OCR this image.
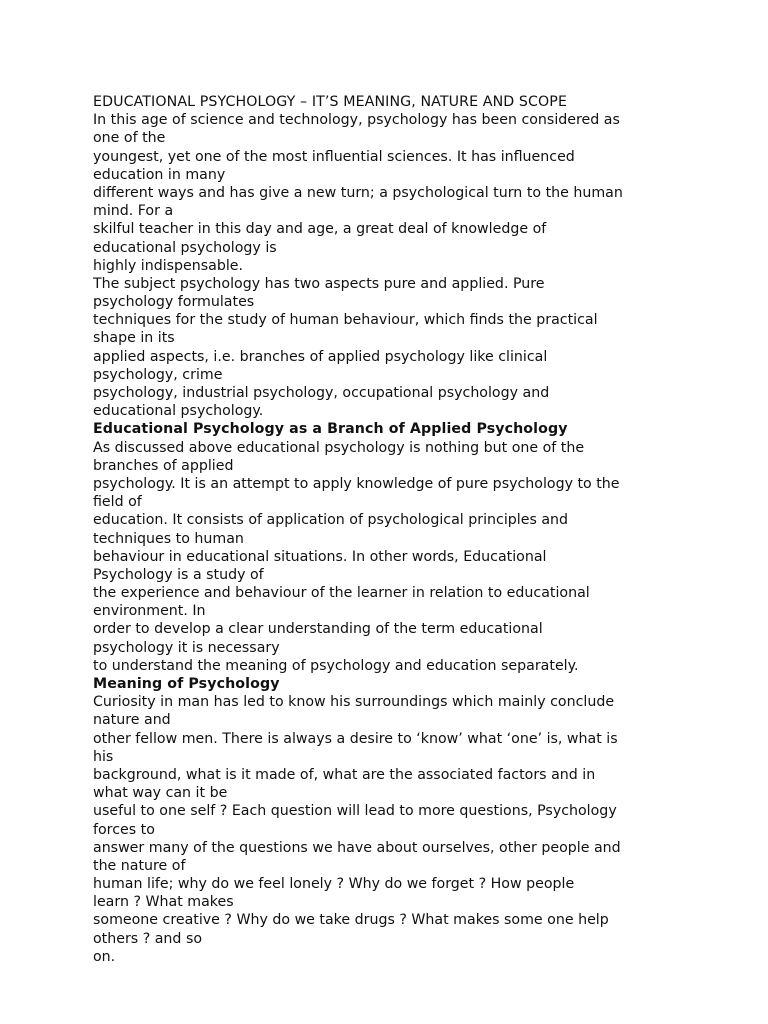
EDUCATIONAL PSYCHOLOGY – IT’S MEANING, NATURE AND SCOPE
In this age of science and technology, psychology has been considered as
one of the
youngest, yet one of the most influential sciences. It has influenced
education in many
different ways and has give a new turn; a psychological turn to the human
mind. For a
skilful teacher in this day and age, a great deal of knowledge of
educational psychology is
highly indispensable.
The subject psychology has two aspects pure and applied. Pure
psychology formulates
techniques for the study of human behaviour, which finds the practical
shape in its
applied aspects, i.e. branches of applied psychology like clinical
psychology, crime
psychology, industrial psychology, occupational psychology and
educational psychology.
Educational Psychology as a Branch of Applied Psychology
As discussed above educational psychology is nothing but one of the
branches of applied
psychology. It is an attempt to apply knowledge of pure psychology to the
field of
education. It consists of application of psychological principles and
techniques to human
behaviour in educational situations. In other words, Educational
Psychology is a study of
the experience and behaviour of the learner in relation to educational
environment. In
order to develop a clear understanding of the term educational
psychology it is necessary
to understand the meaning of psychology and education separately.
Meaning of Psychology
Curiosity in man has led to know his surroundings which mainly conclude
nature and
other fellow men. There is always a desire to ‘know’ what ‘one’ is, what is
his
background, what is it made of, what are the associated factors and in
what way can it be
useful to one self ? Each question will lead to more questions, Psychology
forces to
answer many of the questions we have about ourselves, other people and
the nature of
human life; why do we feel lonely ? Why do we forget ? How people
learn ? What makes
someone creative ? Why do we take drugs ? What makes some one help
others ? and so
on.
